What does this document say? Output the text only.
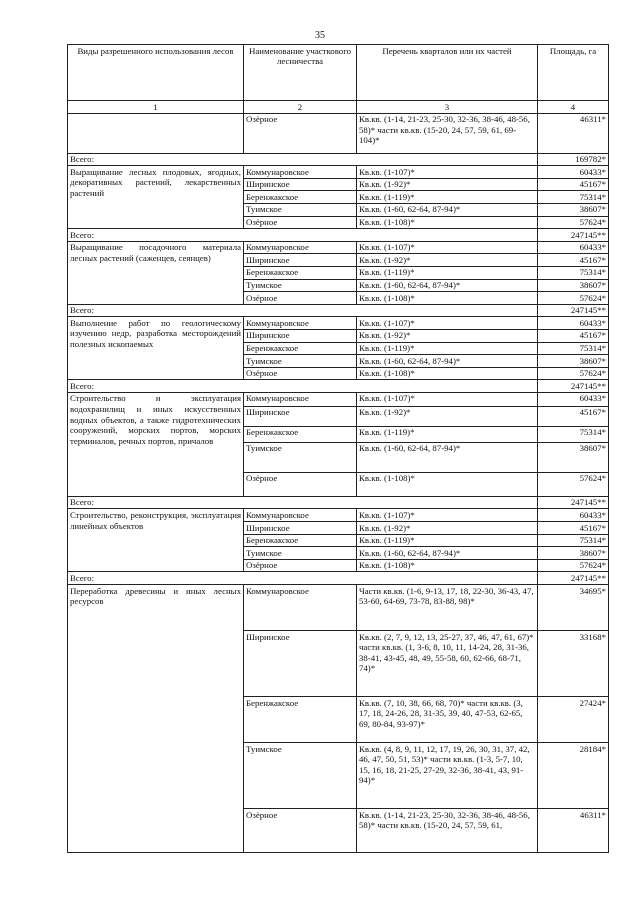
35
Виды разрешенного использования лесов	Наименование участкового лесничества	Перечень кварталов или их частей	Площадь, га
1	2	3	4
	Озёрное	Кв.кв. (1-14, 21-23, 25-30, 32-36, 38-46, 48-56, 58)* части кв.кв. (15-20, 24, 57, 59, 61, 69-104)*	46311*
Всего:			169782*
Выращивание лесных плодовых, ягодных, декоративных растений, лекарственных растений	Коммунаровское	Кв.кв. (1-107)*	60433*
	Ширинское	Кв.кв. (1-92)*	45167*
	Беренжакское	Кв.кв. (1-119)*	75314*
	Туимское	Кв.кв. (1-60, 62-64, 87-94)*	38607*
	Озёрное	Кв.кв. (1-108)*	57624*
Всего:			247145**
Выращивание посадочного материала лесных растений (саженцев, сеянцев)	Коммунаровское	Кв.кв. (1-107)*	60433*
	Ширинское	Кв.кв. (1-92)*	45167*
	Беренжакское	Кв.кв. (1-119)*	75314*
	Туимское	Кв.кв. (1-60, 62-64, 87-94)*	38607*
	Озёрное	Кв.кв. (1-108)*	57624*
Всего:			247145**
Выполнение работ по геологическому изучению недр, разработка месторождений полезных ископаемых	Коммунаровское	Кв.кв. (1-107)*	60433*
	Ширинское	Кв.кв. (1-92)*	45167*
	Беренжакское	Кв.кв. (1-119)*	75314*
	Туимское	Кв.кв. (1-60, 62-64, 87-94)*	38607*
	Озёрное	Кв.кв. (1-108)*	57624*
Всего:			247145**
Строительство и эксплуатация водохранилищ и иных искусственных водных объектов, а также гидротехнических сооружений, морских портов, морских терминалов, речных портов, причалов	Коммунаровское	Кв.кв. (1-107)*	60433*
	Ширинское	Кв.кв. (1-92)*	45167*
	Беренжакское	Кв.кв. (1-119)*	75314*
	Туимское	Кв.кв. (1-60, 62-64, 87-94)*	38607*
	Озёрное	Кв.кв. (1-108)*	57624*
Всего:			247145**
Строительство, реконструкция, эксплуатация линейных объектов	Коммунаровское	Кв.кв. (1-107)*	60433*
	Ширинское	Кв.кв. (1-92)*	45167*
	Беренжакское	Кв.кв. (1-119)*	75314*
	Туимское	Кв.кв. (1-60, 62-64, 87-94)*	38607*
	Озёрное	Кв.кв. (1-108)*	57624*
Всего:			247145**
Переработка древесины и иных лесных ресурсов	Коммунаровское	Части кв.кв. (1-6, 9-13, 17, 18, 22-30, 36-43, 47, 53-60, 64-69, 73-78, 83-88, 98)*	34695*
	Ширинское	Кв.кв. (2, 7, 9, 12, 13, 25-27, 37, 46, 47, 61, 67)* части кв.кв. (1, 3-6, 8, 10, 11, 14-24, 28, 31-36, 38-41, 43-45, 48, 49, 55-58, 60, 62-66, 68-71, 74)*	33168*
	Беренжакское	Кв.кв. (7, 10, 38, 66, 68, 70)* части кв.кв. (3, 17, 18, 24-26, 28, 31-35, 39, 40, 47-53, 62-65, 69, 80-84, 93-97)*	27424*
	Туимское	Кв.кв. (4, 8, 9, 11, 12, 17, 19, 26, 30, 31, 37, 42, 46, 47, 50, 51, 53)* части кв.кв. (1-3, 5-7, 10, 15, 16, 18, 21-25, 27-29, 32-36, 38-41, 43, 91-94)*	28184*
	Озёрное	Кв.кв. (1-14, 21-23, 25-30, 32-36, 38-46, 48-56, 58)* части кв.кв. (15-20, 24, 57, 59, 61,	46311*
